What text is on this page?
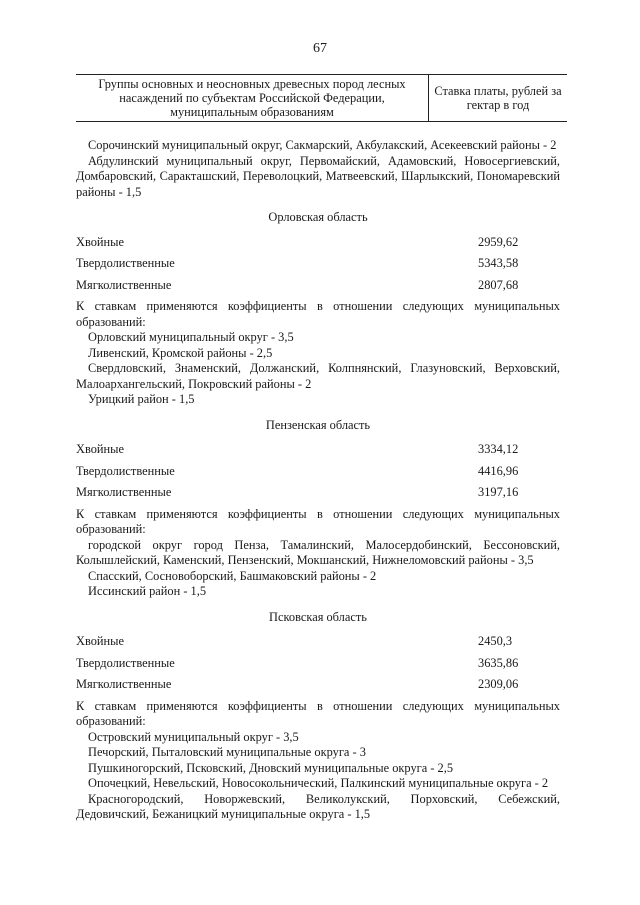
67
Группы основных и неосновных древесных пород лесных насаждений по субъектам Российской Федерации, муниципальным образованиям
Ставка платы, рублей за гектар в год

Сорочинский муниципальный округ, Сакмарский, Акбулакский, Асекеевский районы - 2

Абдулинский муниципальный округ, Первомайский, Адамовский, Новосергиевский, Домбаровский, Саракташский, Переволоцкий, Матвеевский, Шарлыкский, Пономаревский районы - 1,5

Орловская область
Хвойные	2959,62
Твердолиственные	5343,58
Мягколиственные	2807,68

К ставкам применяются коэффициенты в отношении следующих муниципальных образований:

Орловский муниципальный округ - 3,5

Ливенский, Кромской районы - 2,5

Свердловский, Знаменский, Должанский, Колпнянский, Глазуновский, Верховский, Малоархангельский, Покровский районы - 2

Урицкий район - 1,5

Пензенская область
Хвойные	3334,12
Твердолиственные	4416,96
Мягколиственные	3197,16

К ставкам применяются коэффициенты в отношении следующих муниципальных образований:

городской округ город Пенза, Тамалинский, Малосердобинский, Бессоновский, Колышлейский, Каменский, Пензенский, Мокшанский, Нижнеломовский районы - 3,5

Спасский, Сосновоборский, Башмаковский районы - 2

Иссинский район - 1,5

Псковская область
Хвойные	2450,3
Твердолиственные	3635,86
Мягколиственные	2309,06

К ставкам применяются коэффициенты в отношении следующих муниципальных образований:

Островский муниципальный округ - 3,5

Печорский, Пыталовский муниципальные округа - 3

Пушкиногорский, Псковский, Дновский муниципальные округа - 2,5

Опочецкий, Невельский, Новосокольнический, Палкинский муниципальные округа - 2

Красногородский, Новоржевский, Великолукский, Порховский, Себежский, Дедовичский, Бежаницкий муниципальные округа - 1,5
